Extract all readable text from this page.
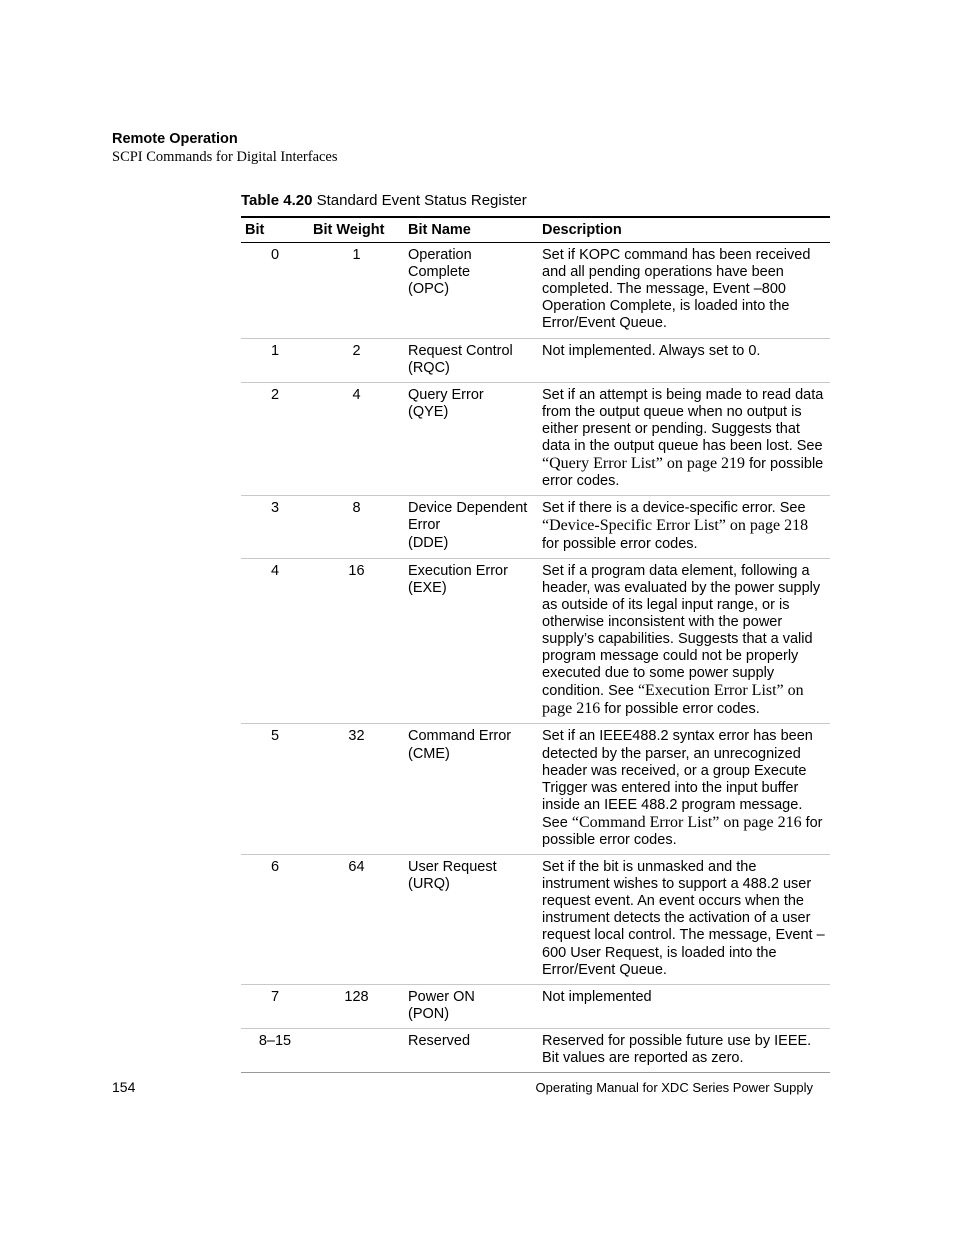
Remote Operation
SCPI Commands for Digital Interfaces
Table 4.20 Standard Event Status Register
Bit	Bit Weight	Bit Name	Description
0	1	Operation
Complete
(OPC)	Set if KOPC command has been received and all pending operations have been completed. The message, Event –800 Operation Complete, is loaded into the Error/Event Queue.
1	2	Request Control
(RQC)	Not implemented. Always set to 0.
2	4	Query Error
(QYE)	Set if an attempt is being made to read data from the output queue when no output is either present or pending. Suggests that data in the output queue has been lost. See “Query Error List” on page 219 for possible error codes.
3	8	Device Dependent
Error
(DDE)	Set if there is a device-specific error. See “Device-Specific Error List” on page 218 for possible error codes.
4	16	Execution Error
(EXE)	Set if a program data element, following a header, was evaluated by the power supply as outside of its legal input range, or is otherwise inconsistent with the power supply’s capabilities. Suggests that a valid program message could not be properly executed due to some power supply condition. See “Execution Error List” on page 216 for possible error codes.
5	32	Command Error
(CME)	Set if an IEEE488.2 syntax error has been detected by the parser, an unrecognized header was received, or a group Execute Trigger was entered into the input buffer inside an IEEE 488.2 program message. See “Command Error List” on page 216 for possible error codes.
6	64	User Request
(URQ)	Set if the bit is unmasked and the instrument wishes to support a 488.2 user request event. An event occurs when the instrument detects the activation of a user request local control. The message, Event –600 User Request, is loaded into the Error/Event Queue.
7	128	Power ON
(PON)	Not implemented
8–15		Reserved	Reserved for possible future use by IEEE. Bit values are reported as zero.
154	Operating Manual for XDC Series Power Supply
